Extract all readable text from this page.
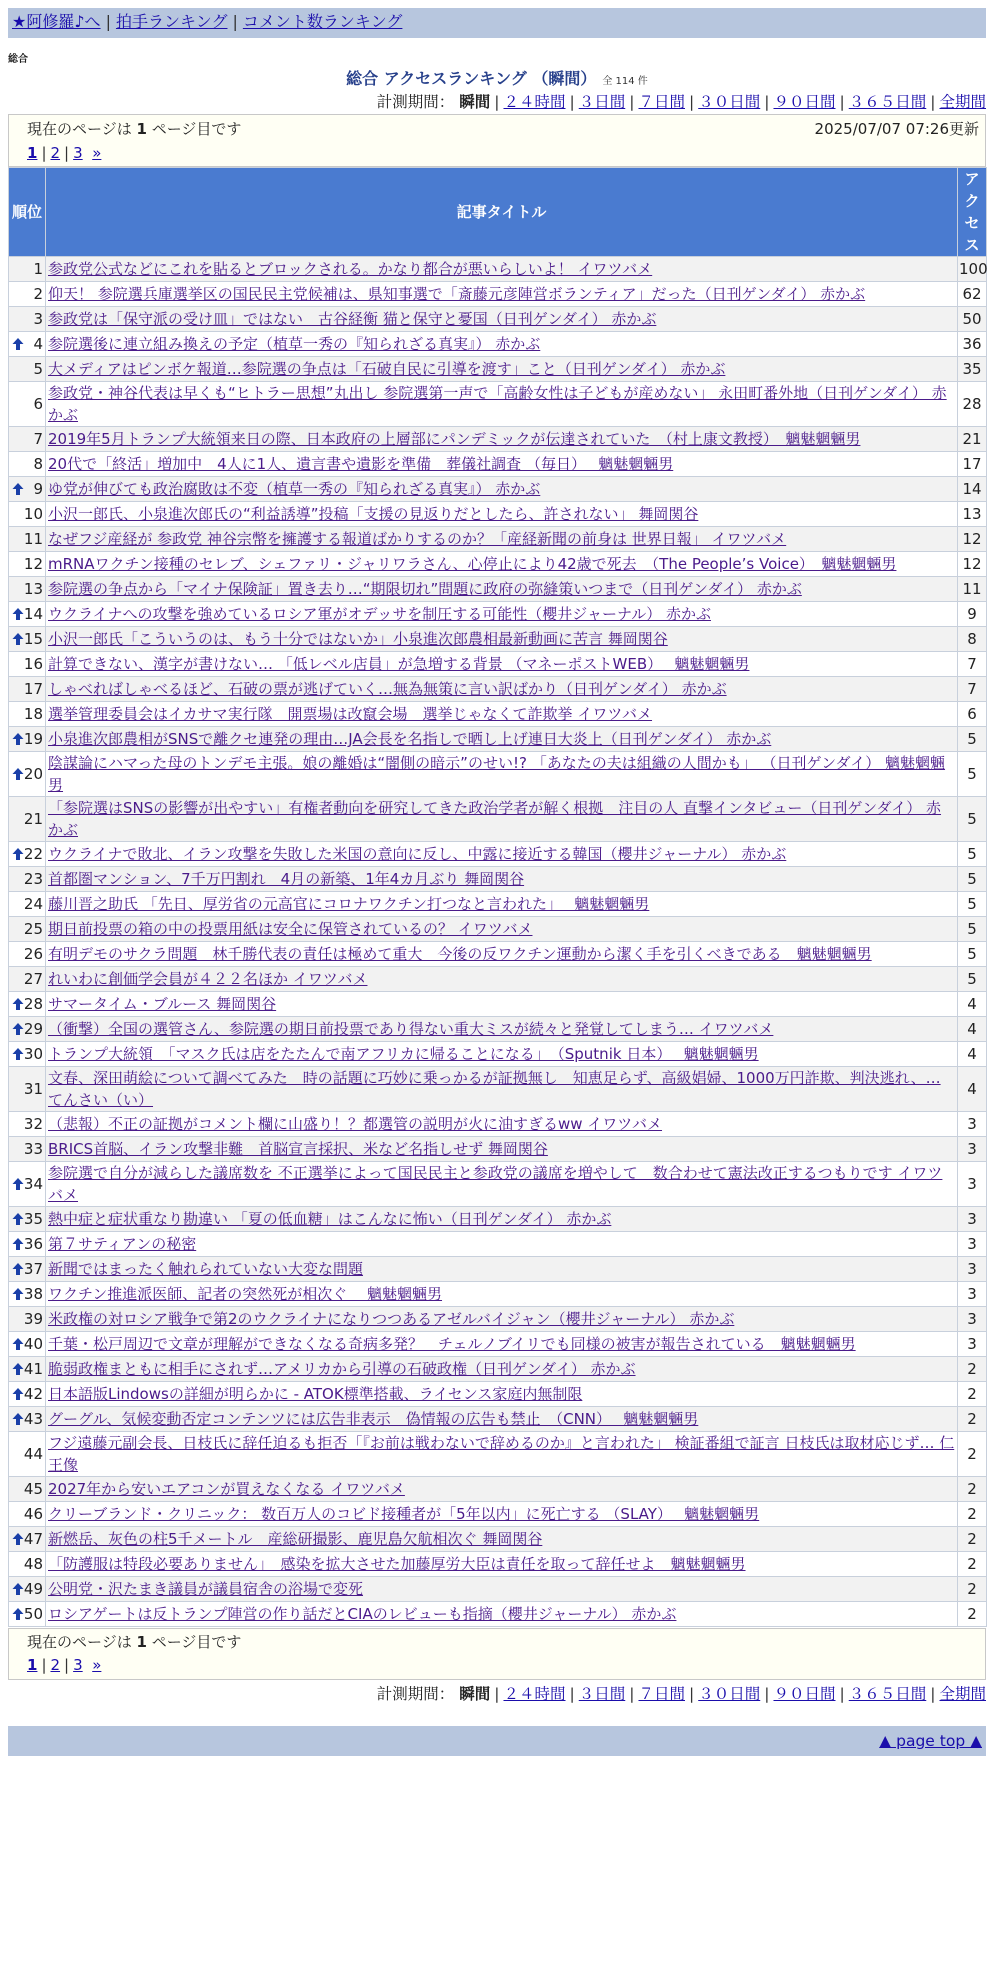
★阿修羅♪へ | 拍手ランキング | コメント数ランキング
総合
総合 アクセスランキング （瞬間） 全 114 件
計測期間： 瞬間 | ２４時間 | ３日間 | ７日間 | ３０日間 | ９０日間 | ３６５日間 | 全期間
現在のページは 1 ページ目です	2025/07/07 07:26更新
1 | 2 | 3 »
順位	記事タイトル	アクセス
1	参政党公式などにこれを貼るとブロックされる。かなり都合が悪いらしいよ！ イワツバメ	100
2	仰天！ 参院選兵庫選挙区の国民民主党候補は、県知事選で「斎藤元彦陣営ボランティア」だった（日刊ゲンダイ） 赤かぶ	62
3	参政党は「保守派の受け皿」ではない　古谷経衡 猫と保守と憂国（日刊ゲンダイ） 赤かぶ	50

4	参院選後に連立組み換えの予定（植草一秀の『知られざる真実』） 赤かぶ	36
5	大メディアはピンボケ報道…参院選の争点は「石破自民に引導を渡す」こと（日刊ゲンダイ） 赤かぶ	35
6	参政党・神谷代表は早くも“ヒトラー思想”丸出し 参院選第一声で「高齢女性は子どもが産めない」 永田町番外地（日刊ゲンダイ） 赤かぶ	28
7	2019年5月トランプ大統領来日の際、日本政府の上層部にパンデミックが伝達されていた　（村上康文教授）　魑魅魍魎男	21
8	20代で「終活」増加中　4人に1人、遺言書や遺影を準備　葬儀社調査 （毎日）　 魑魅魍魎男	17

9	ゆ党が伸びても政治腐敗は不変（植草一秀の『知られざる真実』） 赤かぶ	14
10	小沢一郎氏、小泉進次郎氏の“利益誘導”投稿「支援の見返りだとしたら、許されない」 舞岡関谷	13
11	なぜフジ産経が 参政党 神谷宗幣を擁護する報道ばかりするのか？「産経新聞の前身は 世界日報」 イワツバメ	12
12	mRNAワクチン接種のセレブ、シェファリ・ジャリワラさん、心停止により42歳で死去　（The People’s Voice）　魑魅魍魎男	12
13	参院選の争点から「マイナ保険証」置き去り…“期限切れ”問題に政府の弥縫策いつまで（日刊ゲンダイ） 赤かぶ	11

14	ウクライナへの攻撃を強めているロシア軍がオデッサを制圧する可能性（櫻井ジャーナル） 赤かぶ	9

15	小沢一郎氏「こういうのは、もう十分ではないか」小泉進次郎農相最新動画に苦言 舞岡関谷	8
16	計算できない、漢字が書けない… 「低レベル店員」が急増する背景 （マネーポストWEB）　 魑魅魍魎男	7
17	しゃべればしゃべるほど、石破の票が逃げていく…無為無策に言い訳ばかり（日刊ゲンダイ） 赤かぶ	7
18	選挙管理委員会はイカサマ実行隊　開票場は改竄会場　選挙じゃなくて詐欺挙 イワツバメ	6

19	小泉進次郎農相がSNSで離クセ連発の理由…JA会長を名指しで晒し上げ連日大炎上（日刊ゲンダイ） 赤かぶ	5

20	陰謀論にハマった母のトンデモ主張。娘の離婚は“闇側の暗示”のせい!? 「あなたの夫は組織の人間かも」 （日刊ゲンダイ） 魑魅魍魎男	5
21	「参院選はSNSの影響が出やすい」有権者動向を研究してきた政治学者が解く根拠　注目の人 直撃インタビュー（日刊ゲンダイ） 赤かぶ	5

22	ウクライナで敗北、イラン攻撃を失敗した米国の意向に反し、中露に接近する韓国（櫻井ジャーナル） 赤かぶ	5
23	首都圏マンション、7千万円割れ　4月の新築、1年4カ月ぶり 舞岡関谷	5
24	藤川晋之助氏 「先日、厚労省の元高官にコロナワクチン打つなと言われた」　 魑魅魍魎男	5
25	期日前投票の箱の中の投票用紙は安全に保管されているの？ イワツバメ	5
26	有明デモのサクラ問題　林千勝代表の責任は極めて重大　今後の反ワクチン運動から潔く手を引くべきである　魑魅魍魎男	5
27	れいわに創価学会員が４２２名ほか イワツバメ	5

28	サマータイム・ブルース 舞岡関谷	4

29	（衝撃）全国の選管さん、参院選の期日前投票であり得ない重大ミスが続々と発覚してしまう… イワツバメ	4

30	トランプ大統領　「マスク氏は店をたたんで南アフリカに帰ることになる」　（Sputnik 日本）　 魑魅魍魎男	4
31	文春、深田萌絵について調べてみた　時の話題に巧妙に乗っかるが証拠無し　知恵足らず、高級娼婦、1000万円詐欺、判決逃れ、… てんさい（い）	4
32	（悲報）不正の証拠がコメント欄に山盛り！？都選管の説明が火に油すぎるww イワツバメ	3
33	BRICS首脳、イラン攻撃非難　首脳宣言採択、米など名指しせず 舞岡関谷	3

34	参院選で自分が減らした議席数を 不正選挙によって国民民主と参政党の議席を増やして　数合わせて憲法改正するつもりです イワツバメ	3

35	熱中症と症状重なり勘違い 「夏の低血糖」はこんなに怖い（日刊ゲンダイ） 赤かぶ	3

36	第７サティアンの秘密	3

37	新聞ではまったく触れられていない大変な問題	3

38	ワクチン推進派医師、記者の突然死が相次ぐ　 魑魅魍魎男	3
39	米政権の対ロシア戦争で第2のウクライナになりつつあるアゼルバイジャン（櫻井ジャーナル） 赤かぶ	3

40	千葉・松戸周辺で文章が理解ができなくなる奇病多発？　チェルノブイリでも同様の被害が報告されている　魑魅魍魎男	3

41	脆弱政権まともに相手にされず…アメリカから引導の石破政権（日刊ゲンダイ） 赤かぶ	2

42	日本語版Lindowsの詳細が明らかに - ATOK標準搭載、ライセンス家庭内無制限	2

43	グーグル、気候変動否定コンテンツには広告非表示　偽情報の広告も禁止　（CNN）　 魑魅魍魎男	2
44	フジ遠藤元副会長、日枝氏に辞任迫るも拒否「『お前は戦わないで辞めるのか』と言われた」 検証番組で証言 日枝氏は取材応じず… 仁王像	2
45	2027年から安いエアコンが買えなくなる イワツバメ	2
46	クリーブランド・クリニック： 数百万人のコビド接種者が「5年以内」に死亡する （SLAY）　 魑魅魍魎男	2

47	新燃岳、灰色の柱5千メートル　産総研撮影、鹿児島欠航相次ぐ 舞岡関谷	2
48	「防護服は特段必要ありません」　感染を拡大させた加藤厚労大臣は責任を取って辞任せよ　魑魅魍魎男	2

49	公明党・沢たまき議員が議員宿舎の浴場で変死	2

50	ロシアゲートは反トランプ陣営の作り話だとCIAのレビューも指摘（櫻井ジャーナル） 赤かぶ	2
現在のページは 1 ページ目です
1 | 2 | 3 »
計測期間： 瞬間 | ２４時間 | ３日間 | ７日間 | ３０日間 | ９０日間 | ３６５日間 | 全期間
▲ page top ▲
